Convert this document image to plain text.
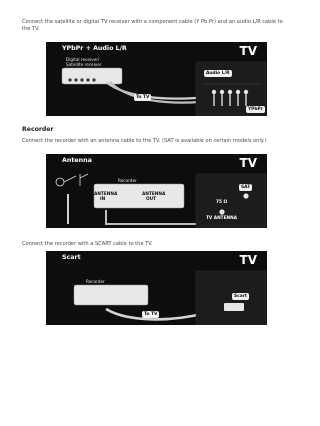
Connect the satellite or digital TV receiver with a component cable (Y Pb Pr) and an audio L/R cable to the TV.
YPbPr + Audio L/R	TV
Digital receiver/
Satellite receiver
To TV
Audio L/R
YPbPr
Recorder
Connect the recorder with an antenna cable to the TV. (SAT is available on certain models only.)
Antenna	TV
Recorder
ANTENNA
IN
ANTENNA
OUT
SAT
75 Ω
TV ANTENNA
Connect the recorder with a SCART cable to the TV.
Scart	TV
Recorder
To TV
Scart
